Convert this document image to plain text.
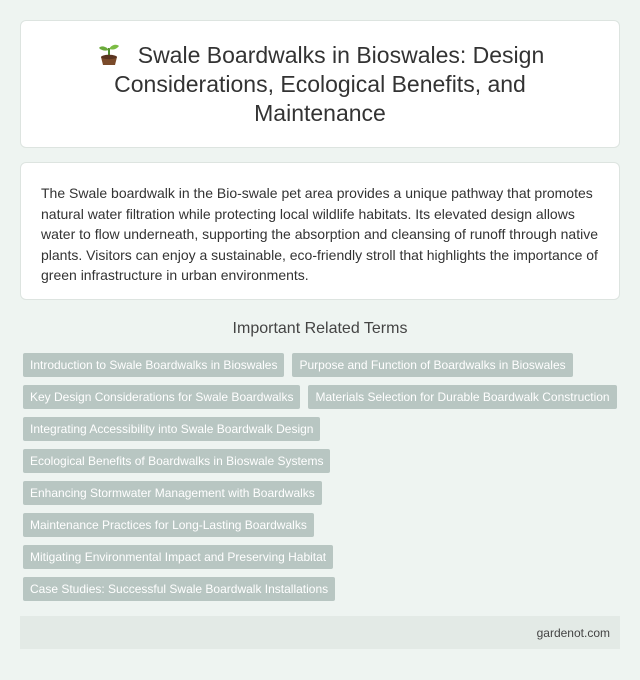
Swale Boardwalks in Bioswales: Design Considerations, Ecological Benefits, and Maintenance

The Swale boardwalk in the Bio-swale pet area provides a unique pathway that promotes natural water filtration while protecting local wildlife habitats. Its elevated design allows water to flow underneath, supporting the absorption and cleansing of runoff through native plants. Visitors can enjoy a sustainable, eco-friendly stroll that highlights the importance of green infrastructure in urban environments.

Important Related Terms
Introduction to Swale Boardwalks in Bioswales	Purpose and Function of Boardwalks in Bioswales
Key Design Considerations for Swale Boardwalks	Materials Selection for Durable Boardwalk Construction
Integrating Accessibility into Swale Boardwalk Design
Ecological Benefits of Boardwalks in Bioswale Systems
Enhancing Stormwater Management with Boardwalks
Maintenance Practices for Long-Lasting Boardwalks
Mitigating Environmental Impact and Preserving Habitat
Case Studies: Successful Swale Boardwalk Installations
gardenot.com
